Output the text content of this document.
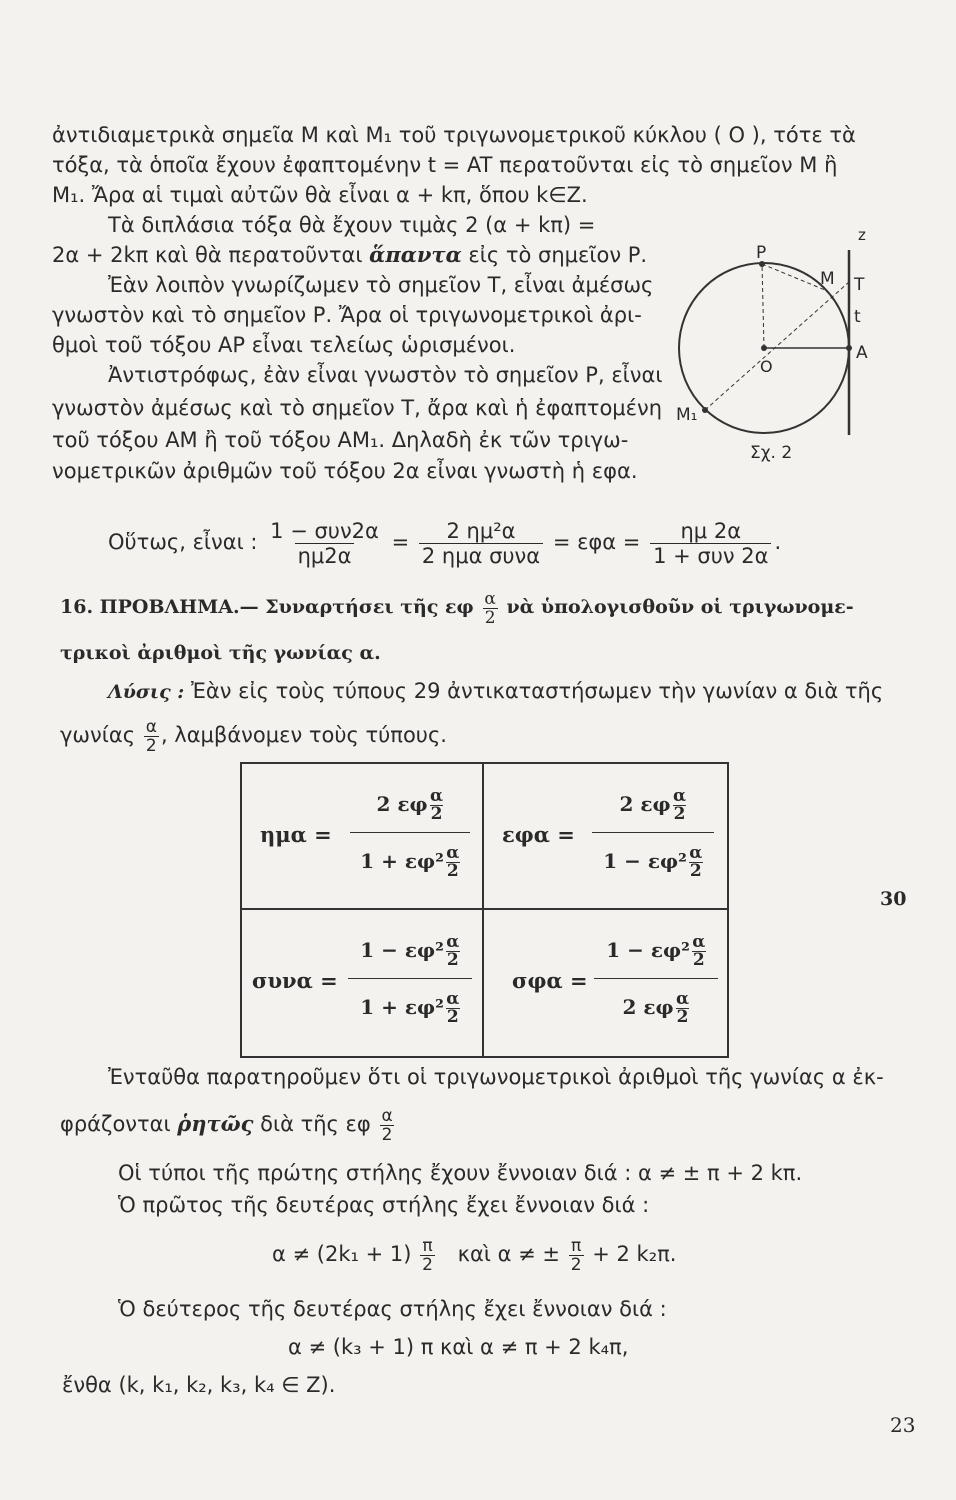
ἀντιδιαμετρικὰ σημεῖα Μ καὶ Μ₁ τοῦ τριγωνομετρικοῦ κύκλου ( Ο ), τότε τὰ
τόξα, τὰ ὁποῖα ἔχουν ἐφαπτομένην t = AT περατοῦνται εἰς τὸ σημεῖον Μ ἢ
Μ₁. Ἄρα αἱ τιμαὶ αὐτῶν θὰ εἶναι α + kπ, ὅπου k∈Z.
Τὰ διπλάσια τόξα θὰ ἔχουν τιμὰς 2 (α + kπ) =
2α + 2kπ καὶ θὰ περατοῦνται ἅπαντα εἰς τὸ σημεῖον Ρ.
Ἐὰν λοιπὸν γνωρίζωμεν τὸ σημεῖον Τ, εἶναι ἀμέσως
γνωστὸν καὶ τὸ σημεῖον Ρ. Ἄρα οἱ τριγωνομετρικοὶ ἀρι-
θμοὶ τοῦ τόξου ΑΡ εἶναι τελείως ὡρισμένοι.
Ἀντιστρόφως, ἐὰν εἶναι γνωστὸν τὸ σημεῖον Ρ, εἶναι
γνωστὸν ἀμέσως καὶ τὸ σημεῖον Τ, ἄρα καὶ ἡ ἐφαπτομένη
τοῦ τόξου ΑΜ ἢ τοῦ τόξου ΑΜ₁. Δηλαδὴ ἐκ τῶν τριγω-
νομετρικῶν ἀριθμῶν τοῦ τόξου 2α εἶναι γνωστὴ ἡ εφα.
P
M T
t
A
O
M₁
z
Σχ. 2
Οὕτως, εἶναι : $\frac{\text{1 − συν2α}}{\eta\mu 2\alpha} = \frac{\text{2 ημ²α}}{\text{2 ημα συνα}} = \varepsilon\varphi\alpha = \frac{\eta\mu 2\alpha}{\text{1 + συν 2α}}$ .
16. ΠΡΟΒΛΗΜΑ.— Συναρτήσει τῆς εφ $\frac{\alpha}{2}$ νὰ ὑπολογισθοῦν οἱ τριγωνομε-
τρικοὶ ἀριθμοὶ τῆς γωνίας α.
Λύσις : Ἐὰν εἰς τοὺς τύπους 29 ἀντικαταστήσωμεν τὴν γωνίαν α διὰ τῆς
γωνίας $\frac{\alpha}{2}$ , λαμβάνομεν τοὺς τύπους.
ημα =
2 εφ $\frac{\alpha}{2}$
$1 + \varepsilon\varphi^2 \frac{\alpha}{2}$
εφα =
2 εφ $\frac{\alpha}{2}$
$1 - \varepsilon\varphi^2 \frac{\alpha}{2}$
συνα =
$1 - \varepsilon\varphi^2 \frac{\alpha}{2}$
$1 + \varepsilon\varphi^2 \frac{\alpha}{2}$
σφα =
$1 - \varepsilon\varphi^2 \frac{\alpha}{2}$
2 εφ $\frac{\alpha}{2}$
30
Ἐνταῦθα παρατηροῦμεν ὅτι οἱ τριγωνομετρικοὶ ἀριθμοὶ τῆς γωνίας α ἐκ-
φράζονται ῥητῶς διὰ τῆς εφ $\frac{\alpha}{2}$
Οἱ τύποι τῆς πρώτης στήλης ἔχουν ἔννοιαν διά : α ≠ ± π + 2 kπ.
Ὁ πρῶτος τῆς δευτέρας στήλης ἔχει ἔννοιαν διά :
$\alpha \ne (2k_1 + 1) \frac{\pi}{2}$ καὶ α ≠ ± $\frac{\pi}{2} + 2$ k₂π.
Ὁ δεύτερος τῆς δευτέρας στήλης ἔχει ἔννοιαν διά :
α ≠ (k₃ + 1) π καὶ α ≠ π + 2 k₄π,
ἔνθα (k, k₁, k₂, k₃, k₄ ∈ Z).
23
